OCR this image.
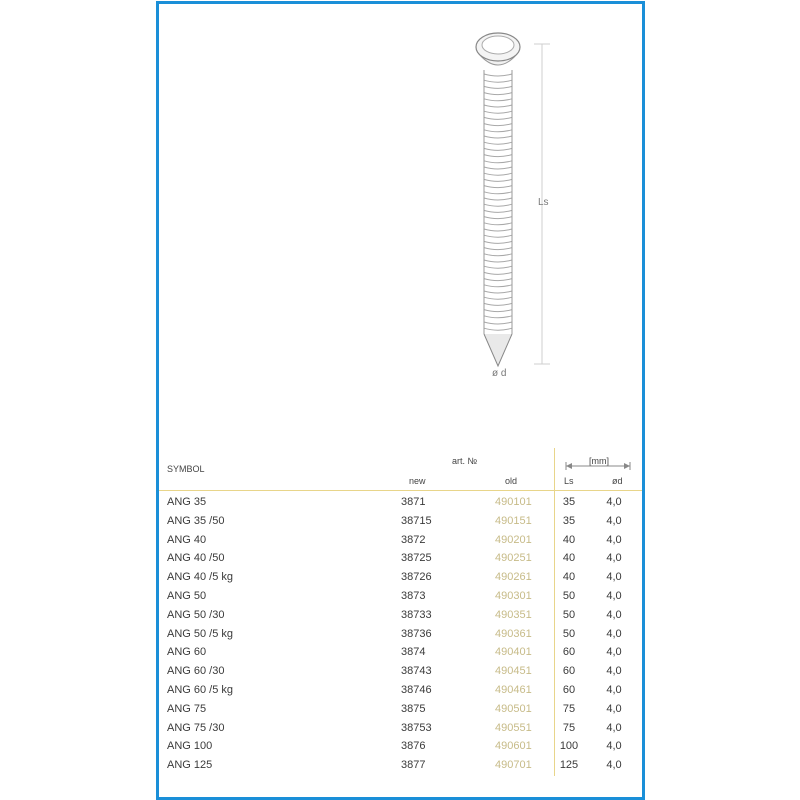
Ls
ø d
SYMBOL
art. №
new	old
[mm]
Ls	ød
ANG 35	3871	490101	35	4,0
ANG 35 /50	38715	490151	35	4,0
ANG 40	3872	490201	40	4,0
ANG 40 /50	38725	490251	40	4,0
ANG 40 /5 kg	38726	490261	40	4,0
ANG 50	3873	490301	50	4,0
ANG 50 /30	38733	490351	50	4,0
ANG 50 /5 kg	38736	490361	50	4,0
ANG 60	3874	490401	60	4,0
ANG 60 /30	38743	490451	60	4,0
ANG 60 /5 kg	38746	490461	60	4,0
ANG 75	3875	490501	75	4,0
ANG 75 /30	38753	490551	75	4,0
ANG 100	3876	490601	100	4,0
ANG 125	3877	490701	125	4,0
